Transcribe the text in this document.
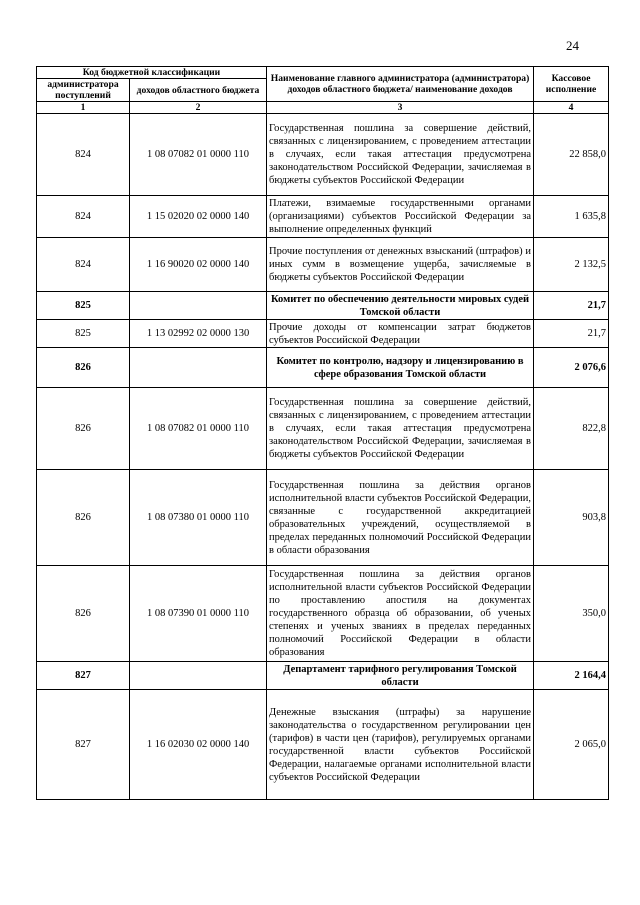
24
Код бюджетной классификации		Наименование главного администратора (администратора) доходов областного бюджета/ наименование доходов	Кассовое исполнение
администратора поступлений	доходов областного бюджета		
1	2	3	4
824	1 08 07082 01 0000 110	Государственная пошлина за совершение действий, связанных с лицензированием, с проведением аттестации в случаях, если такая аттестация предусмотрена законодательством Российской Федерации, зачисляемая в бюджеты субъектов Российской Федерации	22 858,0
824	1 15 02020 02 0000 140	Платежи, взимаемые государственными органами (организациями) субъектов Российской Федерации за выполнение определенных функций	1 635,8
824	1 16 90020 02 0000 140	Прочие поступления от денежных взысканий (штрафов) и иных сумм в возмещение ущерба, зачисляемые в бюджеты субъектов Российской Федерации	2 132,5
825		Комитет по обеспечению деятельности мировых судей Томской области	21,7
825	1 13 02992 02 0000 130	Прочие доходы от компенсации затрат бюджетов субъектов Российской Федерации	21,7
826		Комитет по контролю, надзору и лицензированию в сфере образования Томской области	2 076,6
826	1 08 07082 01 0000 110	Государственная пошлина за совершение действий, связанных с лицензированием, с проведением аттестации в случаях, если такая аттестация предусмотрена законодательством Российской Федерации, зачисляемая в бюджеты субъектов Российской Федерации	822,8
826	1 08 07380 01 0000 110	Государственная пошлина за действия органов исполнительной власти субъектов Российской Федерации, связанные с государственной аккредитацией образовательных учреждений, осуществляемой в пределах переданных полномочий Российской Федерации в области образования	903,8
826	1 08 07390 01 0000 110	Государственная пошлина за действия органов исполнительной власти субъектов Российской Федерации по проставлению апостиля на документах государственного образца об образовании, об ученых степенях и ученых званиях в пределах переданных полномочий Российской Федерации в области образования	350,0
827		Департамент тарифного регулирования Томской области	2 164,4
827	1 16 02030 02 0000 140	Денежные взыскания (штрафы) за нарушение законодательства о государственном регулировании цен (тарифов) в части цен (тарифов), регулируемых органами государственной власти субъектов Российской Федерации, налагаемые органами исполнительной власти субъектов Российской Федерации	2 065,0
